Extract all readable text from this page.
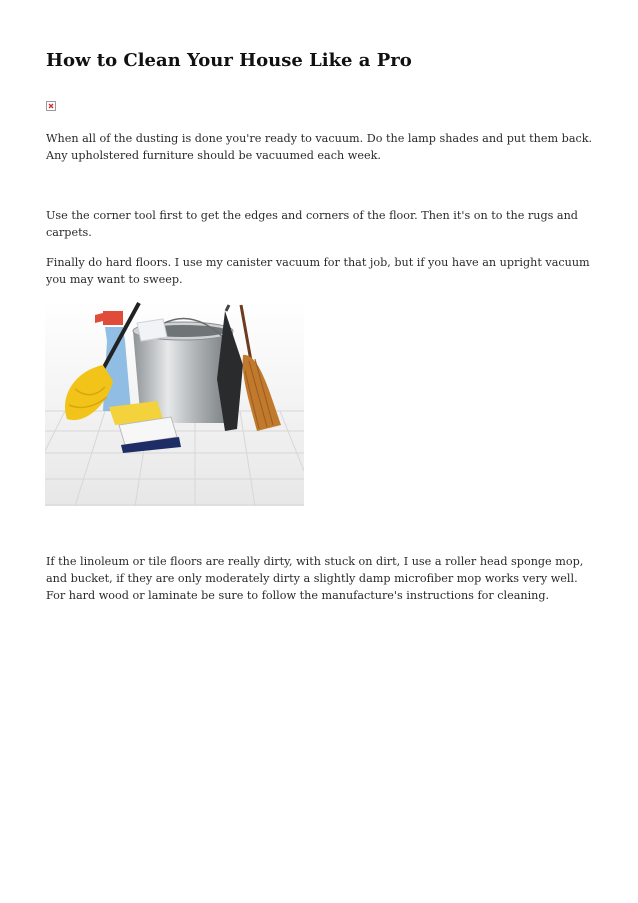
How to Clean Your House Like a Pro

When all of the dusting is done you're ready to vacuum. Do the lamp shades and put them back. Any upholstered furniture should be vacuumed each week.

Use the corner tool first to get the edges and corners of the floor. Then it's on to the rugs and carpets.

Finally do hard floors. I use my canister vacuum for that job, but if you have an upright vacuum you may want to sweep.

If the linoleum or tile floors are really dirty, with stuck on dirt, I use a roller head sponge mop, and bucket, if they are only moderately dirty a slightly damp microfiber mop works very well. For hard wood or laminate be sure to follow the manufacture's instructions for cleaning.
